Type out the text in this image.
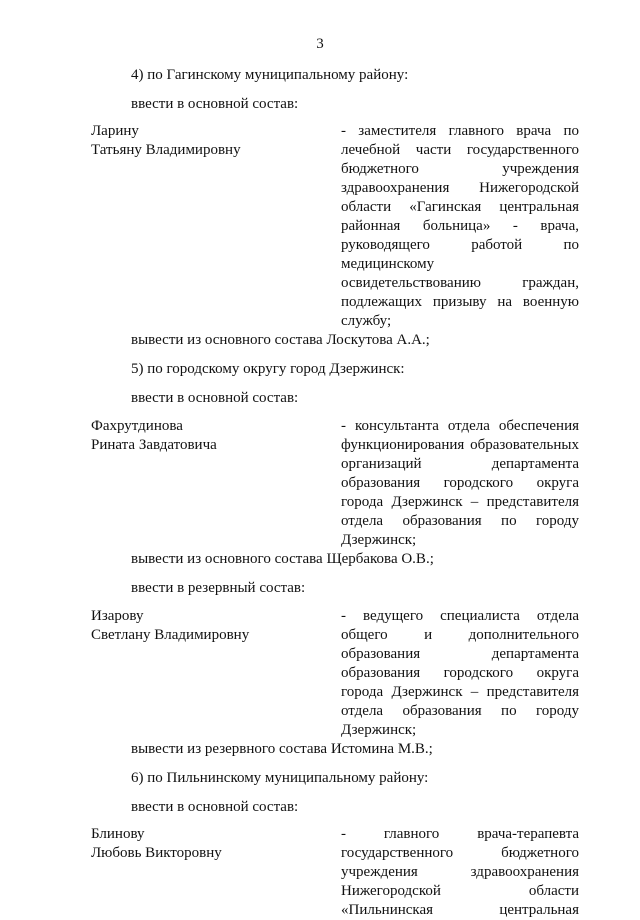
3
4) по Гагинскому муниципальному району:
ввести в основной состав:
Ларину
Татьяну Владимировну
- заместителя главного врача по
лечебной части государственного
бюджетного учреждения
здравоохранения Нижегородской
области «Гагинская центральная
районная больница» - врача,
руководящего работой по
медицинскому
освидетельствованию граждан,
подлежащих призыву на военную
службу;
вывести из основного состава Лоскутова А.А.;
5) по городскому округу город Дзержинск:
ввести в основной состав:
Фахрутдинова
Рината Завдатовича
- консультанта отдела обеспечения
функционирования образовательных
организаций департамента
образования городского округа
города Дзержинск – представителя
отдела образования по городу
Дзержинск;
вывести из основного состава Щербакова О.В.;
ввести в резервный состав:
Изарову
Светлану Владимировну
- ведущего специалиста отдела
общего и дополнительного
образования департамента
образования городского округа
города Дзержинск – представителя
отдела образования по городу
Дзержинск;
вывести из резервного состава Истомина М.В.;
6) по Пильнинскому муниципальному району:
ввести в основной состав:
Блинову
Любовь Викторовну
- главного врача-терапевта
государственного бюджетного
учреждения здравоохранения
Нижегородской области
«Пильнинская центральная
